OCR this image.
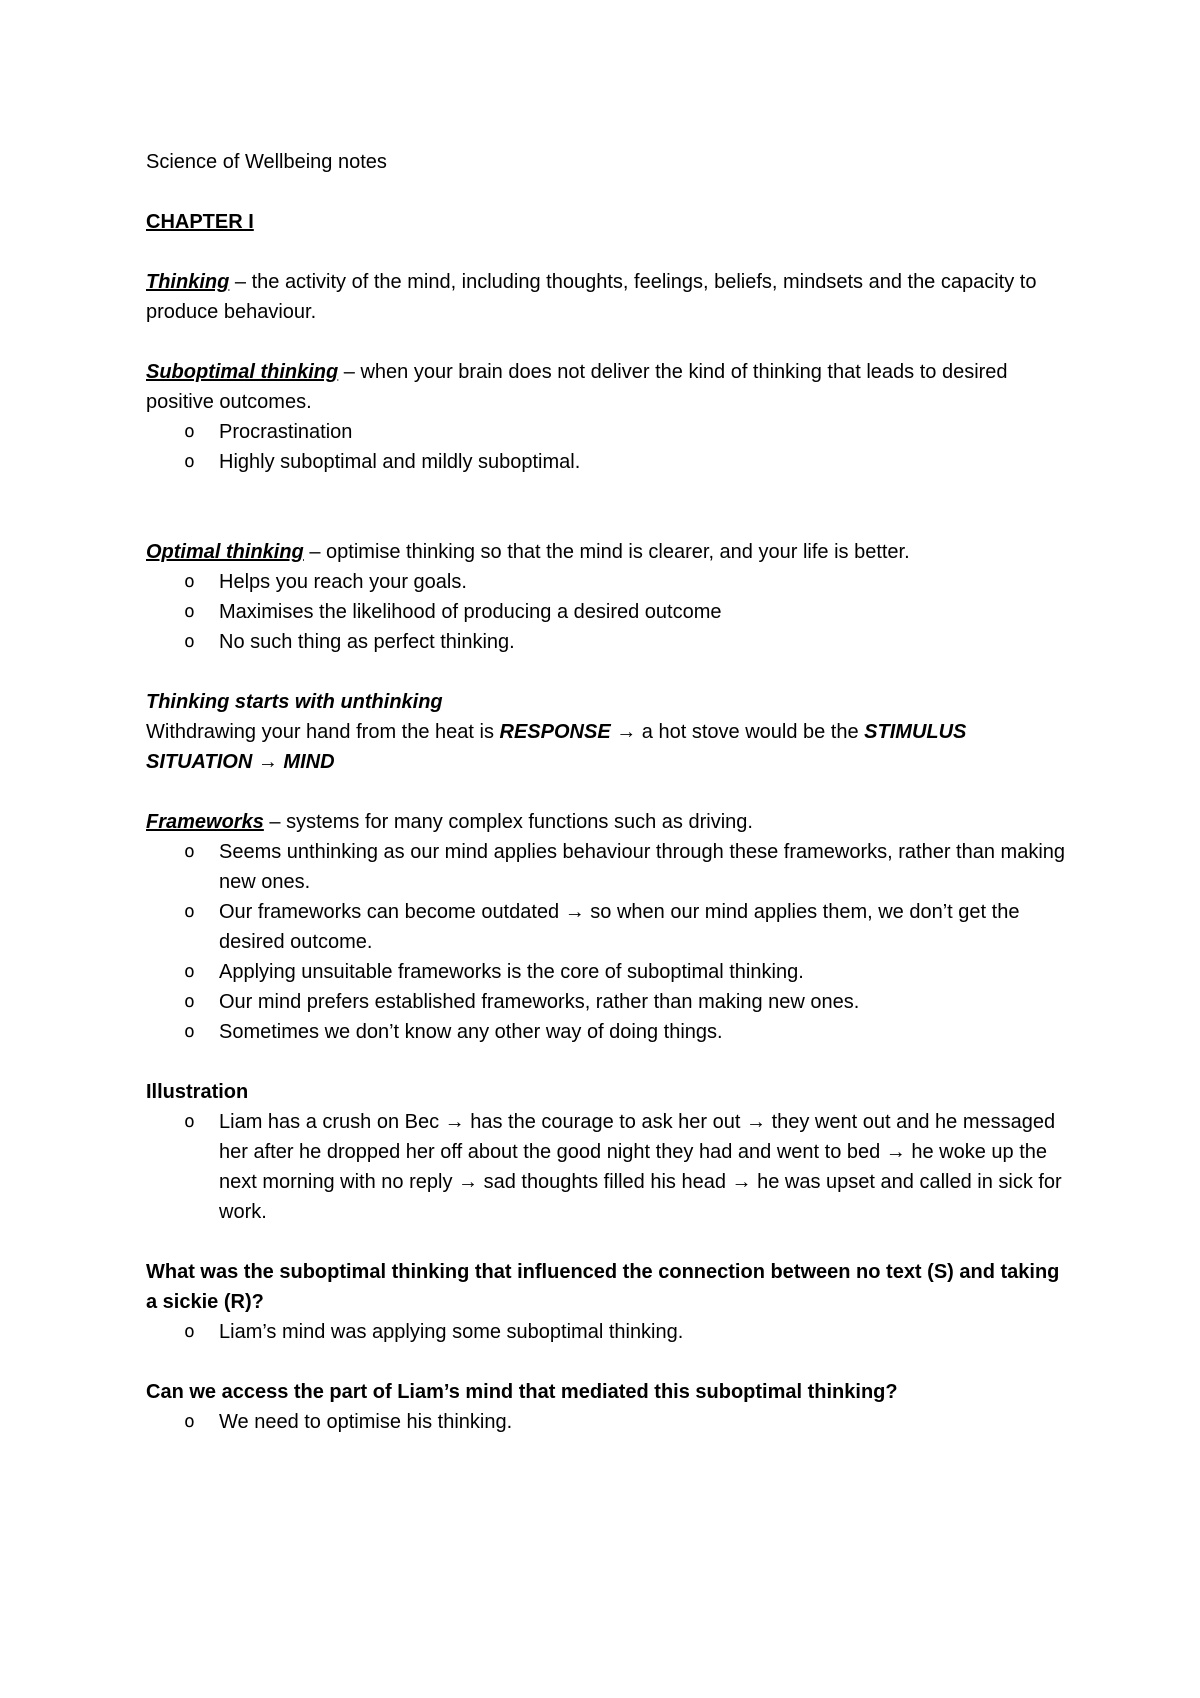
Science of Wellbeing notes

CHAPTER I

Thinking – the activity of the mind, including thoughts, feelings, beliefs, mindsets and the capacity to produce behaviour.

Suboptimal thinking – when your brain does not deliver the kind of thinking that leads to desired positive outcomes.

o Procrastination
o Highly suboptimal and mildly suboptimal.

Optimal thinking – optimise thinking so that the mind is clearer, and your life is better.

o Helps you reach your goals.
o Maximises the likelihood of producing a desired outcome
o No such thing as perfect thinking.

Thinking starts with unthinking

Withdrawing your hand from the heat is RESPONSE → a hot stove would be the STIMULUS SITUATION → MIND

Frameworks – systems for many complex functions such as driving.

o Seems unthinking as our mind applies behaviour through these frameworks, rather than making new ones.
o Our frameworks can become outdated → so when our mind applies them, we don’t get the desired outcome.
o Applying unsuitable frameworks is the core of suboptimal thinking.
o Our mind prefers established frameworks, rather than making new ones.
o Sometimes we don’t know any other way of doing things.

Illustration

o Liam has a crush on Bec → has the courage to ask her out → they went out and he messaged her after he dropped her off about the good night they had and went to bed → he woke up the next morning with no reply → sad thoughts filled his head → he was upset and called in sick for work.

What was the suboptimal thinking that influenced the connection between no text (S) and taking a sickie (R)?

o Liam’s mind was applying some suboptimal thinking.

Can we access the part of Liam’s mind that mediated this suboptimal thinking?

o We need to optimise his thinking.
